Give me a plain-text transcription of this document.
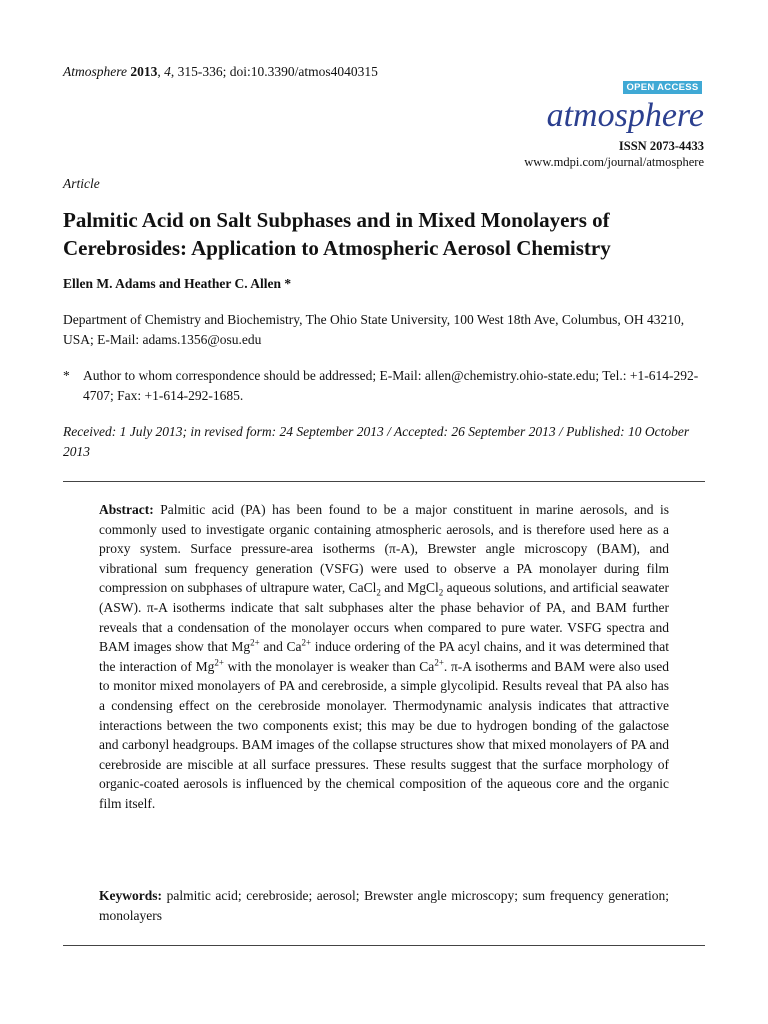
Atmosphere 2013, 4, 315-336; doi:10.3390/atmos4040315
OPEN ACCESS
atmosphere
ISSN 2073-4433
www.mdpi.com/journal/atmosphere
Article
Palmitic Acid on Salt Subphases and in Mixed Monolayers of Cerebrosides: Application to Atmospheric Aerosol Chemistry
Ellen M. Adams and Heather C. Allen *
Department of Chemistry and Biochemistry, The Ohio State University, 100 West 18th Ave, Columbus, OH 43210, USA; E-Mail: adams.1356@osu.edu
* Author to whom correspondence should be addressed; E-Mail: allen@chemistry.ohio-state.edu; Tel.: +1-614-292-4707; Fax: +1-614-292-1685.
Received: 1 July 2013; in revised form: 24 September 2013 / Accepted: 26 September 2013 / Published: 10 October 2013
Abstract: Palmitic acid (PA) has been found to be a major constituent in marine aerosols, and is commonly used to investigate organic containing atmospheric aerosols, and is therefore used here as a proxy system. Surface pressure-area isotherms (π-A), Brewster angle microscopy (BAM), and vibrational sum frequency generation (VSFG) were used to observe a PA monolayer during film compression on subphases of ultrapure water, CaCl$_2$ and MgCl$_2$ aqueous solutions, and artificial seawater (ASW). π-A isotherms indicate that salt subphases alter the phase behavior of PA, and BAM further reveals that a condensation of the monolayer occurs when compared to pure water. VSFG spectra and BAM images show that $Mg^{2+}$ and $Ca^{2+}$ induce ordering of the PA acyl chains, and it was determined that the interaction of $Mg^{2+}$ with the monolayer is weaker than $Ca^{2+}$. π-A isotherms and BAM were also used to monitor mixed monolayers of PA and cerebroside, a simple glycolipid. Results reveal that PA also has a condensing effect on the cerebroside monolayer. Thermodynamic analysis indicates that attractive interactions between the two components exist; this may be due to hydrogen bonding of the galactose and carbonyl headgroups. BAM images of the collapse structures show that mixed monolayers of PA and cerebroside are miscible at all surface pressures. These results suggest that the surface morphology of organic-coated aerosols is influenced by the chemical composition of the aqueous core and the organic film itself.
Keywords: palmitic acid; cerebroside; aerosol; Brewster angle microscopy; sum frequency generation; monolayers
